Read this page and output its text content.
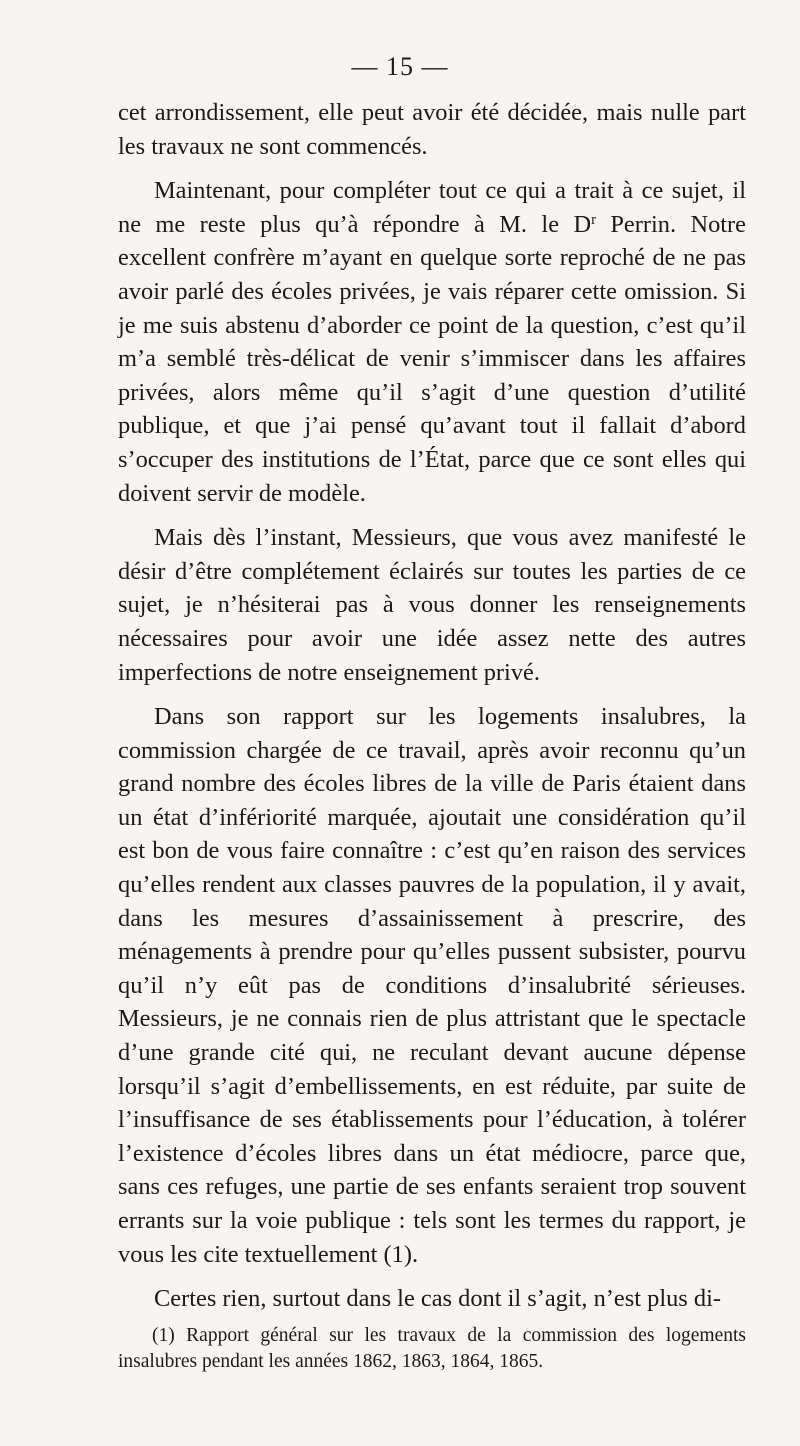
— 15 —

cet arrondissement, elle peut avoir été décidée, mais nulle part les travaux ne sont commencés.

Maintenant, pour compléter tout ce qui a trait à ce sujet, il ne me reste plus qu’à répondre à M. le $D^r$ Perrin. Notre excellent confrère m’ayant en quelque sorte reproché de ne pas avoir parlé des écoles privées, je vais réparer cette omission. Si je me suis abstenu d’aborder ce point de la question, c’est qu’il m’a semblé très-délicat de venir s’immiscer dans les affaires privées, alors même qu’il s’agit d’une question d’utilité publique, et que j’ai pensé qu’avant tout il fallait d’abord s’occuper des institutions de l’État, parce que ce sont elles qui doivent servir de modèle.

Mais dès l’instant, Messieurs, que vous avez manifesté le désir d’être complétement éclairés sur toutes les parties de ce sujet, je n’hésiterai pas à vous donner les renseignements nécessaires pour avoir une idée assez nette des autres imperfections de notre enseignement privé.

Dans son rapport sur les logements insalubres, la commission chargée de ce travail, après avoir reconnu qu’un grand nombre des écoles libres de la ville de Paris étaient dans un état d’infériorité marquée, ajoutait une considération qu’il est bon de vous faire connaître : c’est qu’en raison des services qu’elles rendent aux classes pauvres de la population, il y avait, dans les mesures d’assainissement à prescrire, des ménagements à prendre pour qu’elles pussent subsister, pourvu qu’il n’y eût pas de conditions d’insalubrité sérieuses. Messieurs, je ne connais rien de plus attristant que le spectacle d’une grande cité qui, ne reculant devant aucune dépense lorsqu’il s’agit d’embellissements, en est réduite, par suite de l’insuffisance de ses établissements pour l’éducation, à tolérer l’existence d’écoles libres dans un état médiocre, parce que, sans ces refuges, une partie de ses enfants seraient trop souvent errants sur la voie publique : tels sont les termes du rapport, je vous les cite textuellement (1).

Certes rien, surtout dans le cas dont il s’agit, n’est plus di-

(1) Rapport général sur les travaux de la commission des logements insalubres pendant les années 1862, 1863, 1864, 1865.
